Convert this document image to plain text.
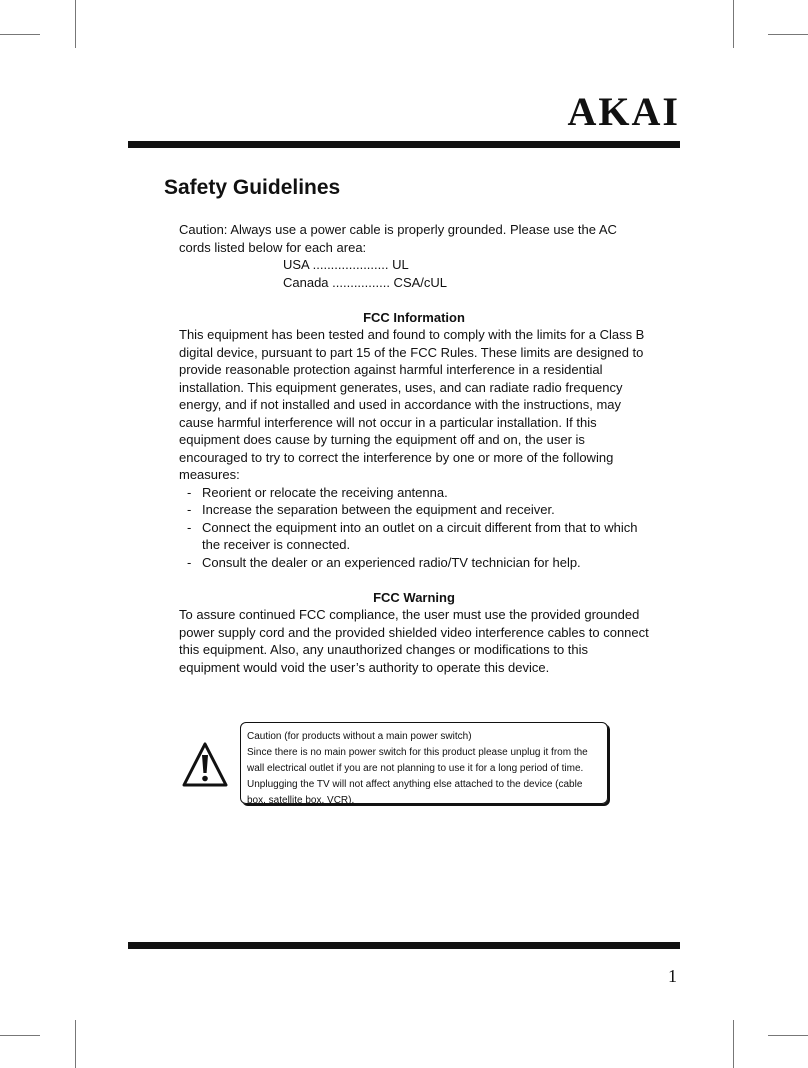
AKAI
Safety Guidelines

Caution: Always use a power cable is properly grounded. Please use the AC cords listed below for each area:

USA ..................... UL
Canada ................ CSA/cUL

FCC Information

This equipment has been tested and found to comply with the limits for a Class B digital device, pursuant to part 15 of the FCC Rules. These limits are designed to provide reasonable protection against harmful interference in a residential installation. This equipment generates, uses, and can radiate radio frequency energy, and if not installed and used in accordance with the instructions, may cause harmful interference will not occur in a particular installation. If this equipment does cause by turning the equipment off and on, the user is encouraged to try to correct the interference by one or more of the following measures:

- Reorient or relocate the receiving antenna.
- Increase the separation between the equipment and receiver.
- Connect the equipment into an outlet on a circuit different from that to which the receiver is connected.
- Consult the dealer or an experienced radio/TV technician for help.

FCC Warning

To assure continued FCC compliance, the user must use the provided grounded power supply cord and the provided shielded video interference cables to connect this equipment. Also, any unauthorized changes or modifications to this equipment would void the user’s authority to operate this device.

Caution (for products without a main power switch)

Since there is no main power switch for this product please unplug it from the wall electrical outlet if you are not planning to use it for a long period of time. Unplugging the TV will not affect anything else attached to the device (cable box, satellite box, VCR).

1
